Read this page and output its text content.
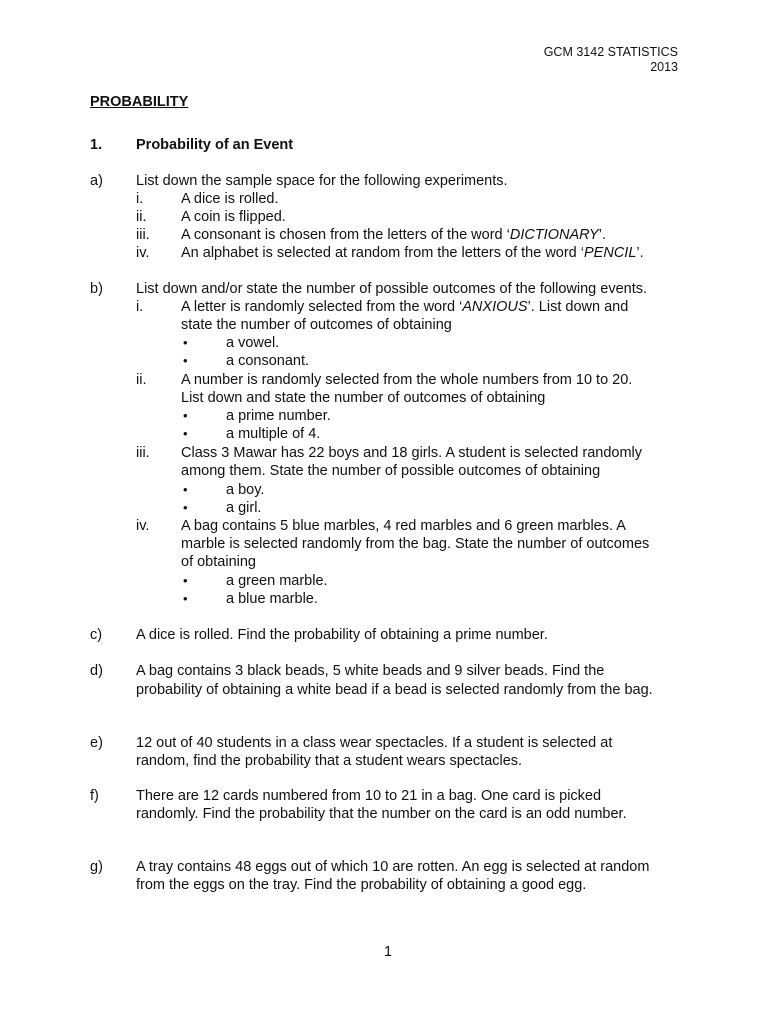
GCM 3142 STATISTICS
2013
PROBABILITY
1. Probability of an Event
a) List down the sample space for the following experiments.
i.	A dice is rolled.
ii. A coin is flipped.
iii. A consonant is chosen from the letters of the word ‘DICTIONARY’.
iv. An alphabet is selected at random from the letters of the word ‘PENCIL’.
b) List down and/or state the number of possible outcomes of the following events.
i.	A letter is randomly selected from the word ‘ANXIOUS’. List down and
state the number of outcomes of obtaining
•	a vowel.
•	a consonant.
ii. A number is randomly selected from the whole numbers from 10 to 20.
List down and state the number of outcomes of obtaining
•	a prime number.
•	a multiple of 4.
iii. Class 3 Mawar has 22 boys and 18 girls. A student is selected randomly
among them. State the number of possible outcomes of obtaining
•	a boy.
•	a girl.
iv. A bag contains 5 blue marbles, 4 red marbles and 6 green marbles. A
marble is selected randomly from the bag. State the number of outcomes
of obtaining
•	a green marble.
•	a blue marble.
c) A dice is rolled. Find the probability of obtaining a prime number.
d) A bag contains 3 black beads, 5 white beads and 9 silver beads. Find the
probability of obtaining a white bead if a bead is selected randomly from the bag.
e) 12 out of 40 students in a class wear spectacles. If a student is selected at
random, find the probability that a student wears spectacles.
f)	There are 12 cards numbered from 10 to 21 in a bag. One card is picked
randomly. Find the probability that the number on the card is an odd number.
g) A tray contains 48 eggs out of which 10 are rotten. An egg is selected at random
from the eggs on the tray. Find the probability of obtaining a good egg.
1
